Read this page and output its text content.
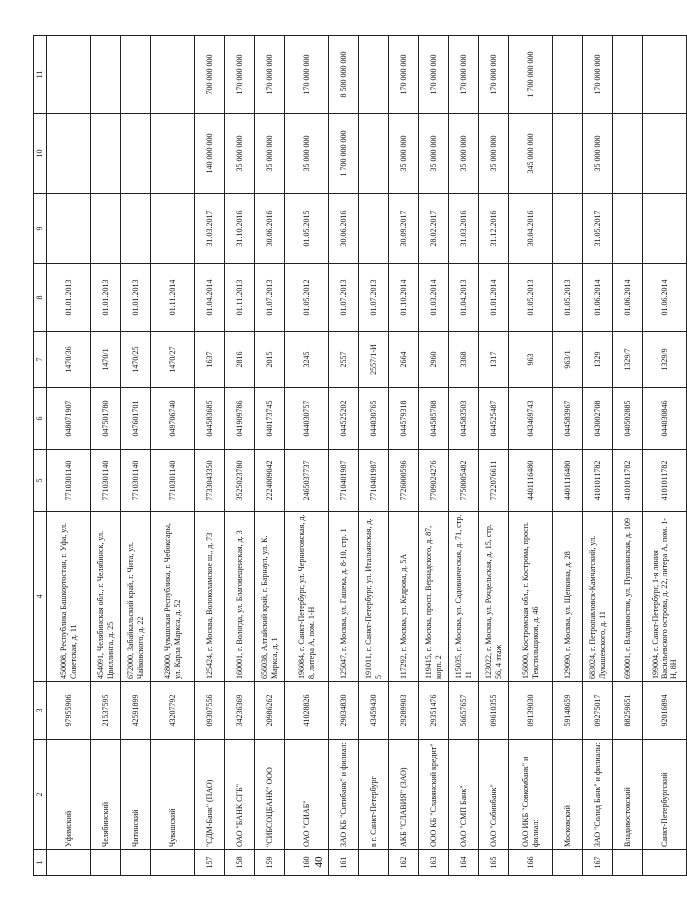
40
1	2	3	4	5	6	7	8	9	10	11
	Уфимский	97955906	450008, Республика Башкортостан, г. Уфа, ул. Советская, д. 11	7710301140	048071907	1470/36	01.01.2013			
	Челябинский	21537595	454091, Челябинская обл., г. Челябинск, ул. Цвиллинга, д. 25	7710301140	047501780	1470/1	01.01.2013			
	Читинский	42591899	672000, Забайкальский край, г. Чита, ул. Чайковского, д. 22	7710301140	047601701	1470/25	01.01.2013			
	Чувашский	43207792	428000, Чувашская Республика, г. Чебоксары, ул. Карла Маркса, д. 52	7710301140	049706740	1470/27	01.11.2014			
157	"СДМ-Банк" (ПАО)	09307556	125424, г. Москва, Волоколамское ш., д. 73	7733043350	044583685	1637	01.04.2014	31.03.2017	140 000 000	700 000 000
158	ОАО "БАНК СГБ"	34236369	160001, г. Вологда, ул. Благовещенская, д. 3	3525023780	041909786	2816	01.11.2013	31.10.2016	35 000 000	170 000 000
159	"СИБСОЦБАНК" ООО	20986262	656038, Алтайский край, г. Барнаул, ул. К. Маркса, д. 1	2224009042	040173745	2015	01.07.2013	30.06.2016	35 000 000	170 000 000
160	ОАО "СИАБ"	41028826	196084, г. Санкт-Петербург, ул. Черниговская, д. 8, литера А, пом. 1-Н	2465037737	044030757	3245	01.05.2012	01.05.2015	35 000 000	170 000 000
161	ЗАО КБ "Ситибанк" и филиал:	29034830	125047, г. Москва, ул. Гашека, д. 8-10, стр. 1	7710401987	044525202	2557	01.07.2013	30.06.2016	1 700 000 000	8 500 000 000
	в г. Санкт-Петербург	43459430	191011, г. Санкт-Петербург, ул. Итальянская, д. 5	7710401987	044030765	2557/1-И	01.07.2013			
162	АКБ "СЛАВИЯ" (ЗАО)	29289903	117292, г. Москва, ул. Кедрова, д. 5А	7726000596	044579318	2664	01.10.2014	30.09.2017	35 000 000	170 000 000
163	ООО КБ "Славянский кредит"	29351476	119415, г. Москва, просп. Вернадского, д. 87, корп. 2	7709024276	044585788	2960	01.03.2014	28.02.2017	35 000 000	170 000 000
164	ОАО "СМП Банк"	56657657	115035, г. Москва, ул. Садовническая, д. 71, стр. 11	7750005482	044583503	3368	01.04.2013	31.03.2016	35 000 000	170 000 000
165	ОАО "Собинбанк"	09610355	123022, г. Москва, ул. Рочдельская, д. 15, стр. 56, 4 этаж	7722076611	044525487	1317	01.01.2014	31.12.2016	35 000 000	170 000 000
166	ОАО ИКБ "Совкомбанк" и филиал:	09139030	156000, Костромская обл., г. Кострома, просп. Текстильщиков, д. 46	4401116480	043469743	963	01.05.2013	30.04.2016	345 000 000	1 700 000 000
	Московский	59148659	129090, г. Москва, ул. Щепкина, д. 28	4401116480	044583967	963/1	01.05.2013			
167	ЗАО "Солид Банк" и филиалы:	09275017	683024, г. Петропавловск-Камчатский, ул. Лукашевского, д. 11	4101011782	043002708	1329	01.06.2014	31.05.2017	35 000 000	170 000 000
	Владивостокский	88259651	690001, г. Владивосток, ул. Пушкинская, д. 109	4101011782	040502885	1329/7	01.06.2014			
	Санкт-Петербургский	92016894	199004, г. Санкт-Петербург, 1-я линия Васильевского острова, д. 22, литера А, пом. 1-Н, 8Н	4101011782	044030846	1329/9	01.06.2014			
